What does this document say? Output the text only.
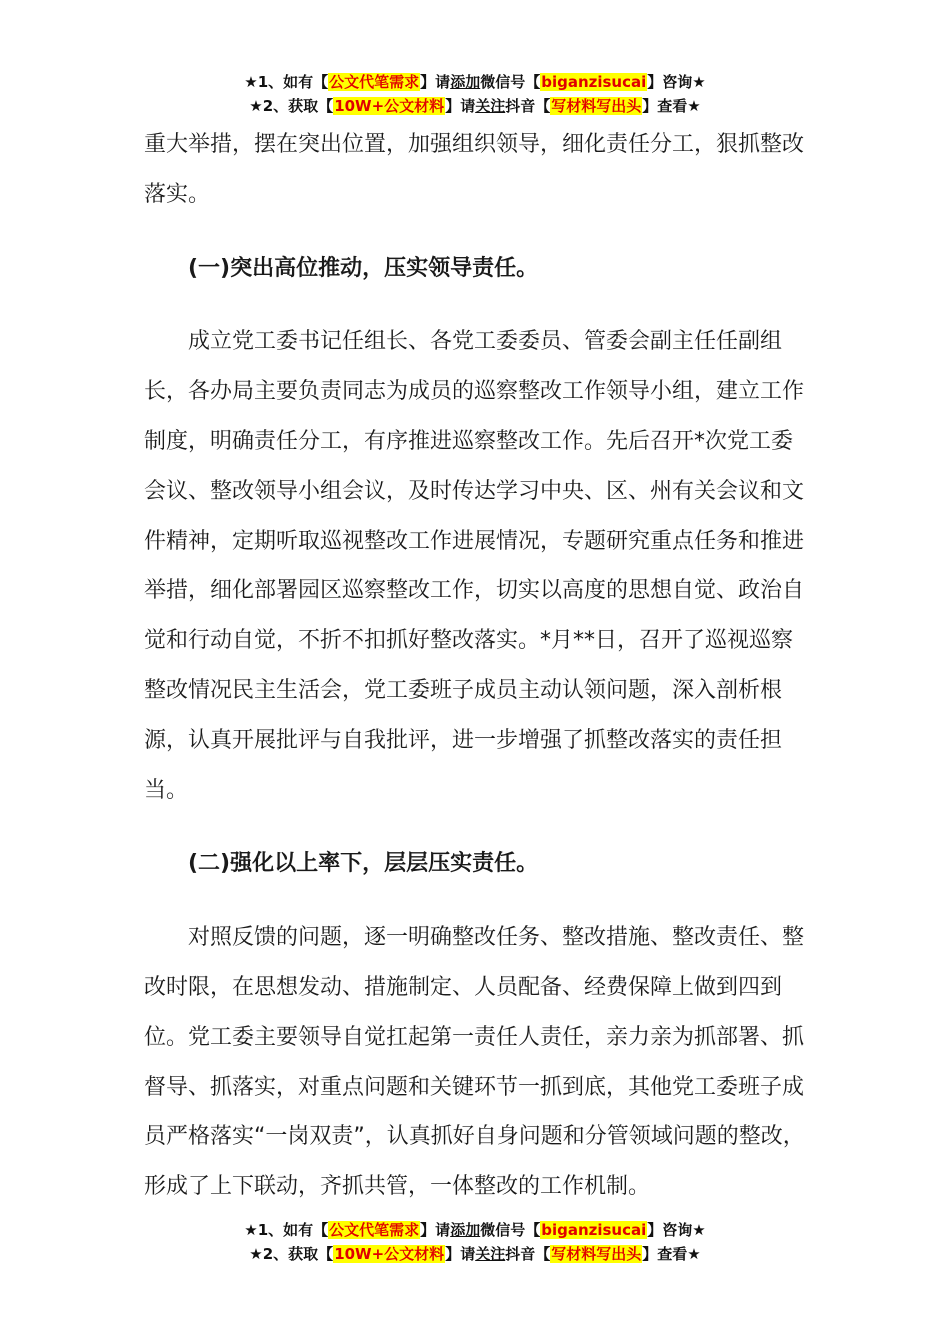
★1、如有【公文代笔需求】请添加微信号【biganzisucai】咨询★
★2、获取【10W+公文材料】请关注抖音【写材料写出头】查看★

重大举措，摆在突出位置，加强组织领导，细化责任分工，狠抓整改落实。

(一)突出高位推动，压实领导责任。

成立党工委书记任组长、各党工委委员、管委会副主任任副组长，各办局主要负责同志为成员的巡察整改工作领导小组，建立工作制度，明确责任分工，有序推进巡察整改工作。先后召开*次党工委会议、整改领导小组会议，及时传达学习中央、区、州有关会议和文件精神，定期听取巡视整改工作进展情况，专题研究重点任务和推进举措，细化部署园区巡察整改工作，切实以高度的思想自觉、政治自觉和行动自觉，不折不扣抓好整改落实。*月**日，召开了巡视巡察整改情况民主生活会，党工委班子成员主动认领问题，深入剖析根源，认真开展批评与自我批评，进一步增强了抓整改落实的责任担当。

(二)强化以上率下，层层压实责任。

对照反馈的问题，逐一明确整改任务、整改措施、整改责任、整改时限，在思想发动、措施制定、人员配备、经费保障上做到四到位。党工委主要领导自觉扛起第一责任人责任，亲力亲为抓部署、抓督导、抓落实，对重点问题和关键环节一抓到底，其他党工委班子成员严格落实“一岗双责”，认真抓好自身问题和分管领域问题的整改，形成了上下联动，齐抓共管，一体整改的工作机制。

★1、如有【公文代笔需求】请添加微信号【biganzisucai】咨询★
★2、获取【10W+公文材料】请关注抖音【写材料写出头】查看★
